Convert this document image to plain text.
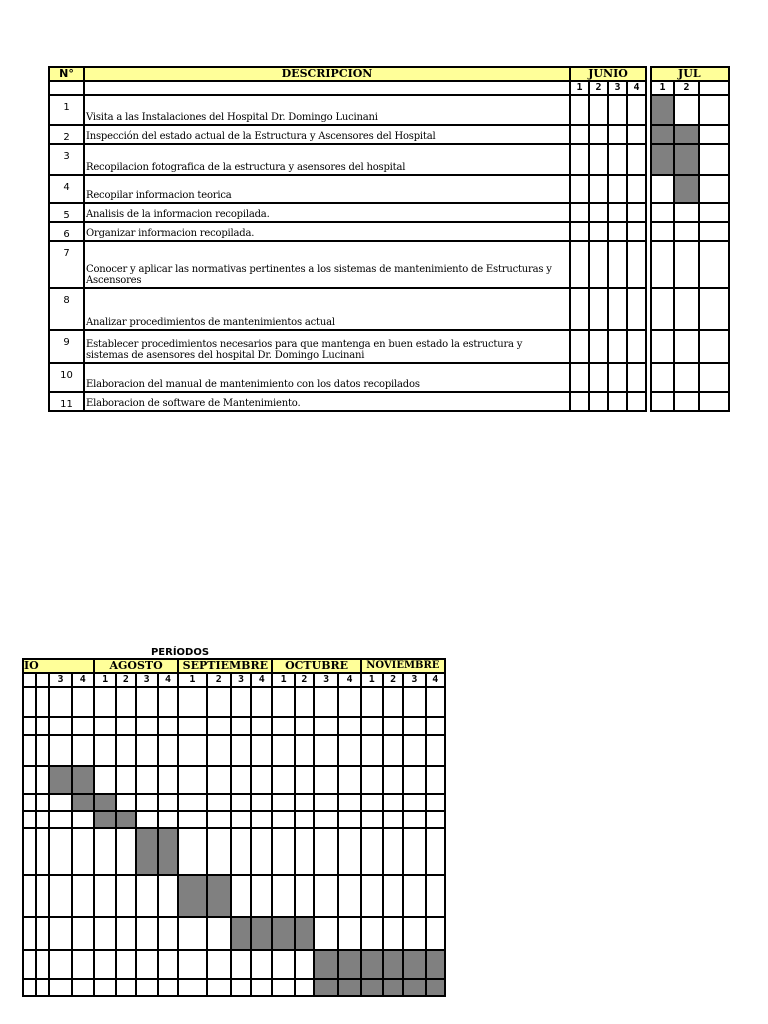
N°	DESCRIPCION	JUNIO					JUL		
		1	2	3	4		1	2	
1	Visita a las Instalaciones del Hospital Dr. Domingo Lucinani								
2	Inspección del estado actual de la Estructura y Ascensores del Hospital								
3	Recopilacion fotografica de la estructura y asensores del hospital								
4	Recopilar informacion teorica								
5	Analisis de la informacion recopilada.								
6	Organizar informacion recopilada.								
7	Conocer y aplicar las normativas pertinentes a los sistemas de mantenimiento de Estructuras y Ascensores								
8	Analizar procedimientos de mantenimientos actual								
9	Establecer procedimientos necesarios para que mantenga en buen estado la estructura y sistemas de asensores del hospital Dr. Domingo Lucinani								
10	Elaboracion del manual de mantenimiento con los datos recopilados								
11	Elaboracion de software de Mantenimiento.								
PERÍODOS
IO				AGOSTO				SEPTIEMBRE				OCTUBRE				NOVIEMBRE			
		3	4	1	2	3	4	1	2	3	4	1	2	3	4	1	2	3	4
